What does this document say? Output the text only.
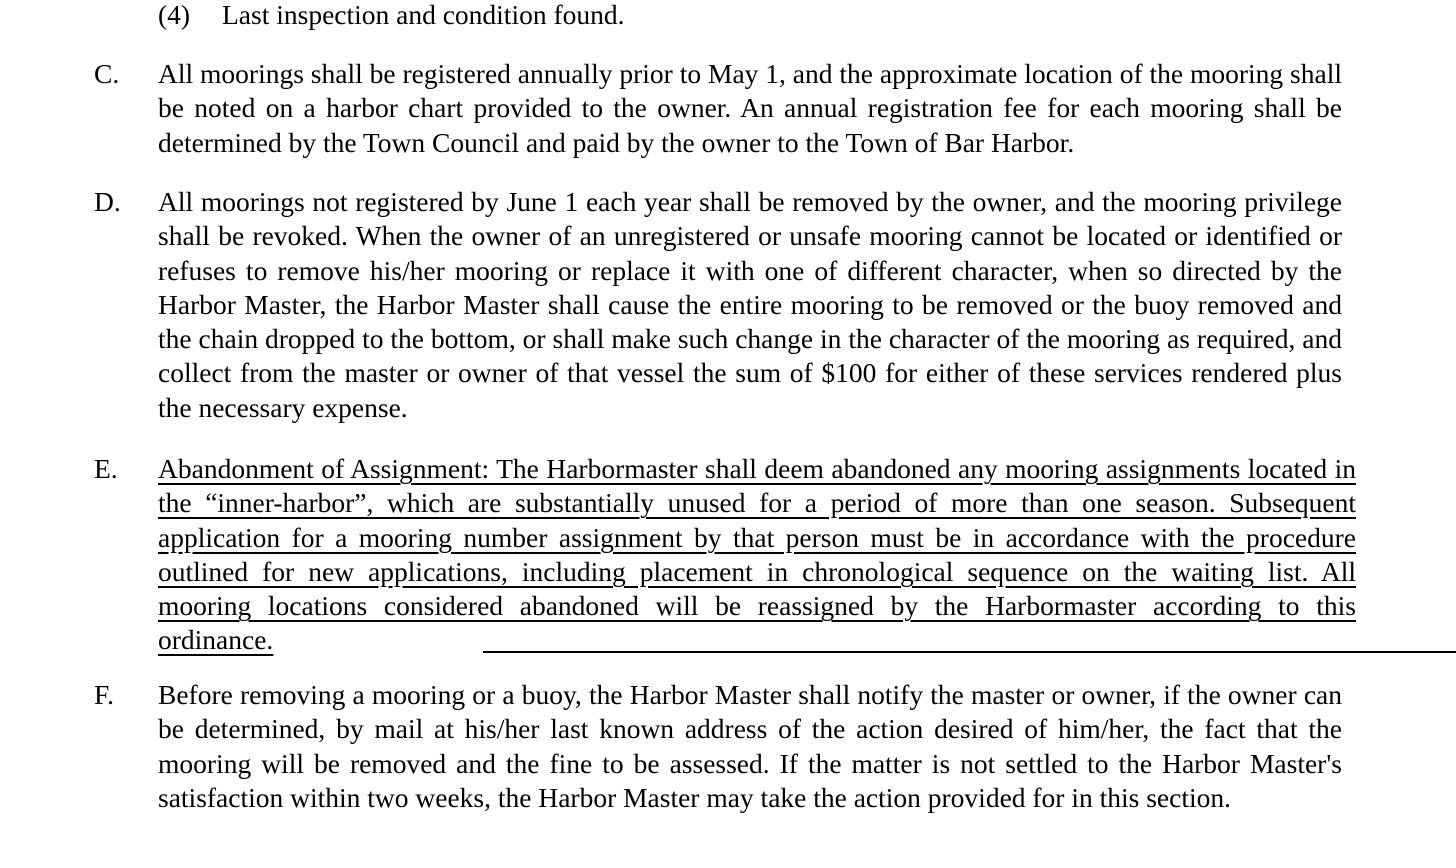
(4) Last inspection and condition found.
C. All moorings shall be registered annually prior to May 1, and the approximate location of the mooring shall be noted on a harbor chart provided to the owner. An annual registration fee for each mooring shall be determined by the Town Council and paid by the owner to the Town of Bar Harbor.
D. All moorings not registered by June 1 each year shall be removed by the owner, and the mooring privilege shall be revoked. When the owner of an unregistered or unsafe mooring cannot be located or identified or refuses to remove his/her mooring or replace it with one of different character, when so directed by the Harbor Master, the Harbor Master shall cause the entire mooring to be removed or the buoy removed and the chain dropped to the bottom, or shall make such change in the character of the mooring as required, and collect from the master or owner of that vessel the sum of $100 for either of these services rendered plus the necessary expense.
E. Abandonment of Assignment: The Harbormaster shall deem abandoned any mooring assignments located in the “inner-harbor”, which are substantially unused for a period of more than one season. Subsequent application for a mooring number assignment by that person must be in accordance with the procedure outlined for new applications, including placement in chronological sequence on the waiting list. All mooring locations considered abandoned will be reassigned by the Harbormaster according to this ordinance.
F. Before removing a mooring or a buoy, the Harbor Master shall notify the master or owner, if the owner can be determined, by mail at his/her last known address of the action desired of him/her, the fact that the mooring will be removed and the fine to be assessed. If the matter is not settled to the Harbor Master's satisfaction within two weeks, the Harbor Master may take the action provided for in this section.
